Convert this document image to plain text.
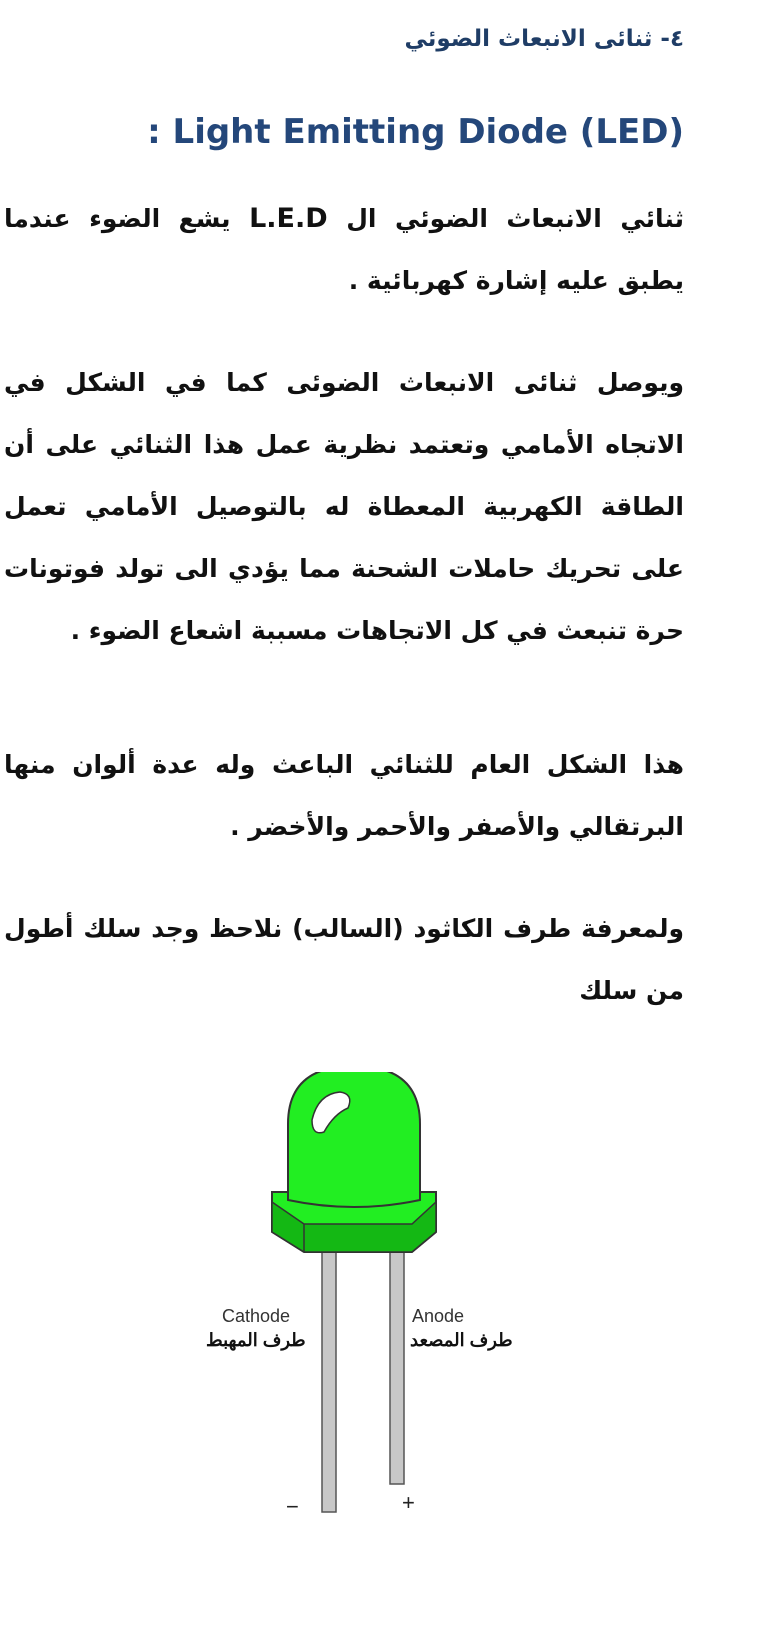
٤- ثنائى الانبعاث الضوئي
: Light Emitting Diode (LED)
ثنائي الانبعاث الضوئي ال L.E.D يشع الضوء عندما يطبق عليه إشارة كهربائية .
ويوصل ثنائى الانبعاث الضوئى كما في الشكل في الاتجاه الأمامي وتعتمد نظرية عمل هذا الثنائي على أن الطاقة الكهربية المعطاة له بالتوصيل الأمامي تعمل على تحريك حاملات الشحنة مما يؤدي الى تولد فوتونات حرة تنبعث في كل الاتجاهات مسببة اشعاع الضوء .
هذا الشكل العام للثنائي الباعث وله عدة ألوان منها البرتقالي والأصفر والأحمر والأخضر .
ولمعرفة طرف الكاثود (السالب) نلاحظ وجد سلك أطول من سلك
Cathode
طرف المهبط
Anode
طرف المصعد
−	+
